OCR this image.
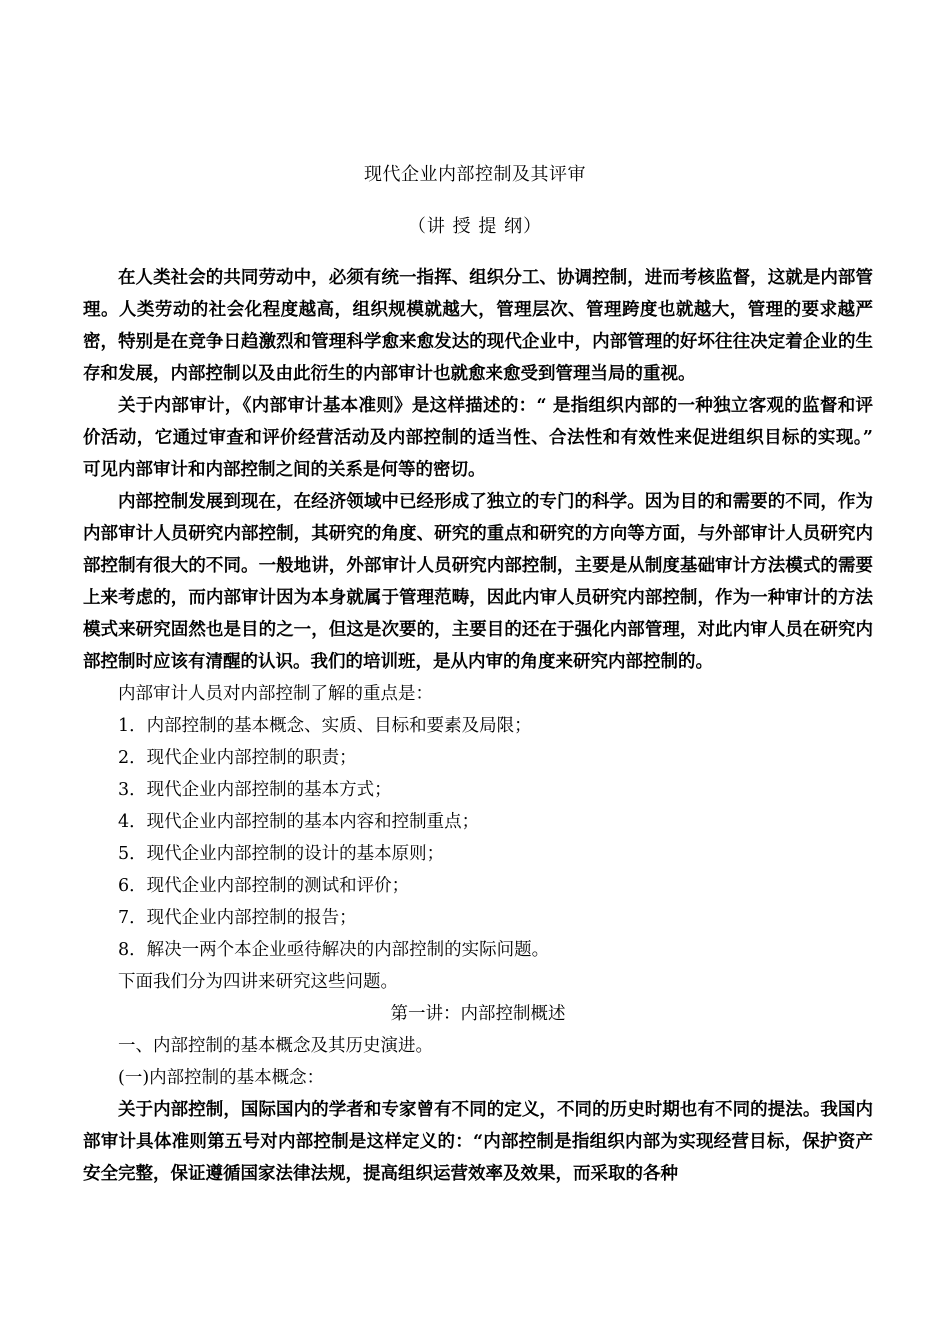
现代企业内部控制及其评审
（讲 授 提 纲）

在人类社会的共同劳动中，必须有统一指挥、组织分工、协调控制，进而考核监督，这就是内部管理。人类劳动的社会化程度越高，组织规模就越大，管理层次、管理跨度也就越大，管理的要求越严密，特别是在竞争日趋激烈和管理科学愈来愈发达的现代企业中，内部管理的好坏往往决定着企业的生存和发展，内部控制以及由此衍生的内部审计也就愈来愈受到管理当局的重视。

关于内部审计，《内部审计基本准则》是这样描述的：“ 是指组织内部的一种独立客观的监督和评价活动，它通过审查和评价经营活动及内部控制的适当性、合法性和有效性来促进组织目标的实现。” 可见内部审计和内部控制之间的关系是何等的密切。

内部控制发展到现在，在经济领域中已经形成了独立的专门的科学。因为目的和需要的不同，作为内部审计人员研究内部控制，其研究的角度、研究的重点和研究的方向等方面，与外部审计人员研究内部控制有很大的不同。一般地讲，外部审计人员研究内部控制，主要是从制度基础审计方法模式的需要上来考虑的，而内部审计因为本身就属于管理范畴，因此内审人员研究内部控制，作为一种审计的方法模式来研究固然也是目的之一，但这是次要的，主要目的还在于强化内部管理，对此内审人员在研究内部控制时应该有清醒的认识。我们的培训班，是从内审的角度来研究内部控制的。

内部审计人员对内部控制了解的重点是：

1．内部控制的基本概念、实质、目标和要素及局限；

2．现代企业内部控制的职责；

3．现代企业内部控制的基本方式；

4．现代企业内部控制的基本内容和控制重点；

5．现代企业内部控制的设计的基本原则；

6．现代企业内部控制的测试和评价；

7．现代企业内部控制的报告；

8．解决一两个本企业亟待解决的内部控制的实际问题。

下面我们分为四讲来研究这些问题。

第一讲：内部控制概述

一、内部控制的基本概念及其历史演进。

(一)内部控制的基本概念：

关于内部控制，国际国内的学者和专家曾有不同的定义，不同的历史时期也有不同的提法。我国内部审计具体准则第五号对内部控制是这样定义的：“内部控制是指组织内部为实现经营目标，保护资产安全完整，保证遵循国家法律法规，提高组织运营效率及效果，而采取的各种
